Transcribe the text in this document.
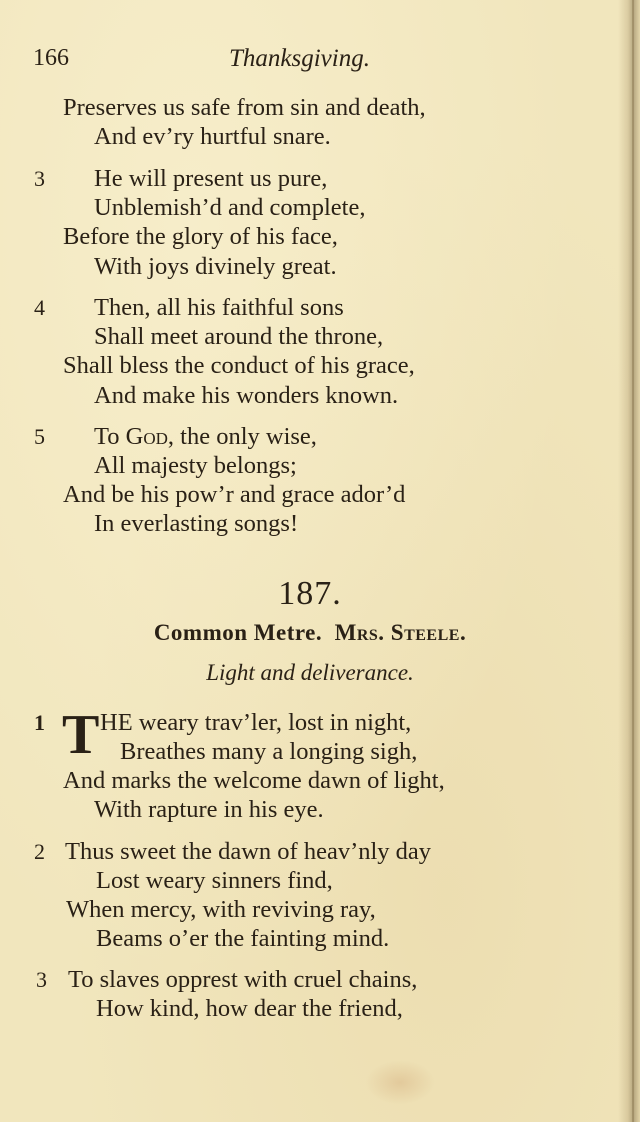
166	Thanksgiving.
Preserves us safe from sin and death,
And ev’ry hurtful snare.
3 He will present us pure,
Unblemish’d and complete,
Before the glory of his face,
With joys divinely great.
4 Then, all his faithful sons
Shall meet around the throne,
Shall bless the conduct of his grace,
And make his wonders known.
5 To God, the only wise,
All majesty belongs;
And be his pow’r and grace ador’d
In everlasting songs!
187.
Common Metre. Mrs. Steele.
Light and deliverance.
1 T HE weary trav’ler, lost in night,
Breathes many a longing sigh,
And marks the welcome dawn of light,
With rapture in his eye.
2 Thus sweet the dawn of heav’nly day
Lost weary sinners find,
When mercy, with reviving ray,
Beams o’er the fainting mind.
3 To slaves opprest with cruel chains,
How kind, how dear the friend,
